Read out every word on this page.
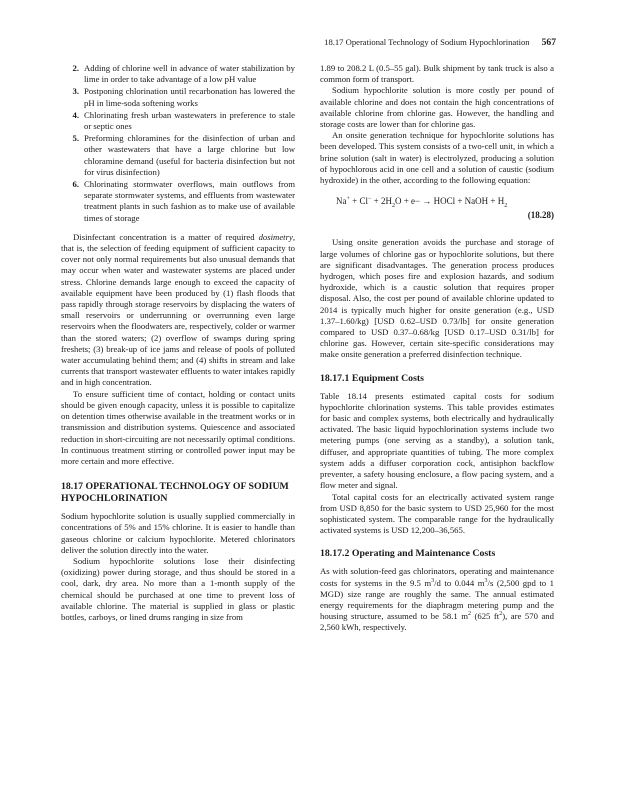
18.17 Operational Technology of Sodium Hypochlorination 567
2. Adding of chlorine well in advance of water stabilization by lime in order to take advantage of a low pH value
3. Postponing chlorination until recarbonation has lowered the pH in lime-soda softening works
4. Chlorinating fresh urban wastewaters in preference to stale or septic ones
5. Preforming chloramines for the disinfection of urban and other wastewaters that have a large chlorine but low chloramine demand (useful for bacteria disinfection but not for virus disinfection)
6. Chlorinating stormwater overflows, main outflows from separate stormwater systems, and effluents from wastewater treatment plants in such fashion as to make use of available times of storage

Disinfectant concentration is a matter of required dosimetry, that is, the selection of feeding equipment of sufficient capacity to cover not only normal requirements but also unusual demands that may occur when water and wastewater systems are placed under stress. Chlorine demands large enough to exceed the capacity of available equipment have been produced by (1) flash floods that pass rapidly through storage reservoirs by displacing the waters of small reservoirs or underrunning or overrunning even large reservoirs when the floodwaters are, respectively, colder or warmer than the stored waters; (2) overflow of swamps during spring freshets; (3) break-up of ice jams and release of pools of polluted water accumulating behind them; and (4) shifts in stream and lake currents that transport wastewater effluents to water intakes rapidly and in high concentration.

To ensure sufficient time of contact, holding or contact units should be given enough capacity, unless it is possible to capitalize on detention times otherwise available in the treatment works or in transmission and distribution systems. Quiescence and associated reduction in short-circuiting are not necessarily optimal conditions. In continuous treatment stirring or controlled power input may be more certain and more effective.

18.17 OPERATIONAL TECHNOLOGY OF SODIUM HYPOCHLORINATION

Sodium hypochlorite solution is usually supplied commercially in concentrations of 5% and 15% chlorine. It is easier to handle than gaseous chlorine or calcium hypochlorite. Metered chlorinators deliver the solution directly into the water.

Sodium hypochlorite solutions lose their disinfecting (oxidizing) power during storage, and thus should be stored in a cool, dark, dry area. No more than a 1-month supply of the chemical should be purchased at one time to prevent loss of available chlorine. The material is supplied in glass or plastic bottles, carboys, or lined drums ranging in size from

1.89 to 208.2 L (0.5–55 gal). Bulk shipment by tank truck is also a common form of transport.

Sodium hypochlorite solution is more costly per pound of available chlorine and does not contain the high concentrations of available chlorine from chlorine gas. However, the handling and storage costs are lower than for chlorine gas.

An onsite generation technique for hypochlorite solutions has been developed. This system consists of a two-cell unit, in which a brine solution (salt in water) is electrolyzed, producing a solution of hypochlorous acid in one cell and a solution of caustic (sodium hydroxide) in the other, according to the following equation:

$Na^+ + Cl^- + 2H_2O + e-$ → HOCl + NaOH + $H_2$
(18.28)

Using onsite generation avoids the purchase and storage of large volumes of chlorine gas or hypochlorite solutions, but there are significant disadvantages. The generation process produces hydrogen, which poses fire and explosion hazards, and sodium hydroxide, which is a caustic solution that requires proper disposal. Also, the cost per pound of available chlorine updated to 2014 is typically much higher for onsite generation (e.g., USD 1.37–1.60/kg) [USD 0.62–USD 0.73/lb] for onsite generation compared to USD 0.37–0.68/kg [USD 0.17–USD 0.31/lb] for chlorine gas. However, certain site-specific considerations may make onsite generation a preferred disinfection technique.

18.17.1 Equipment Costs

Table 18.14 presents estimated capital costs for sodium hypochlorite chlorination systems. This table provides estimates for basic and complex systems, both electrically and hydraulically activated. The basic liquid hypochlorination systems include two metering pumps (one serving as a standby), a solution tank, diffuser, and appropriate quantities of tubing. The more complex system adds a diffuser corporation cock, antisiphon backflow preventer, a safety housing enclosure, a flow pacing system, and a flow meter and signal.

Total capital costs for an electrically activated system range from USD 8,850 for the basic system to USD 25,960 for the most sophisticated system. The comparable range for the hydraulically activated systems is USD 12,200–36,565.

18.17.2 Operating and Maintenance Costs

As with solution-feed gas chlorinators, operating and maintenance costs for systems in the 9.5 $m^3/d$ to 0.044 $m^3/s$ (2,500 gpd to 1 MGD) size range are roughly the same. The annual estimated energy requirements for the diaphragm metering pump and the housing structure, assumed to be 58.1 $m^2$ (625 $ft^2$), are 570 and 2,560 kWh, respectively.
